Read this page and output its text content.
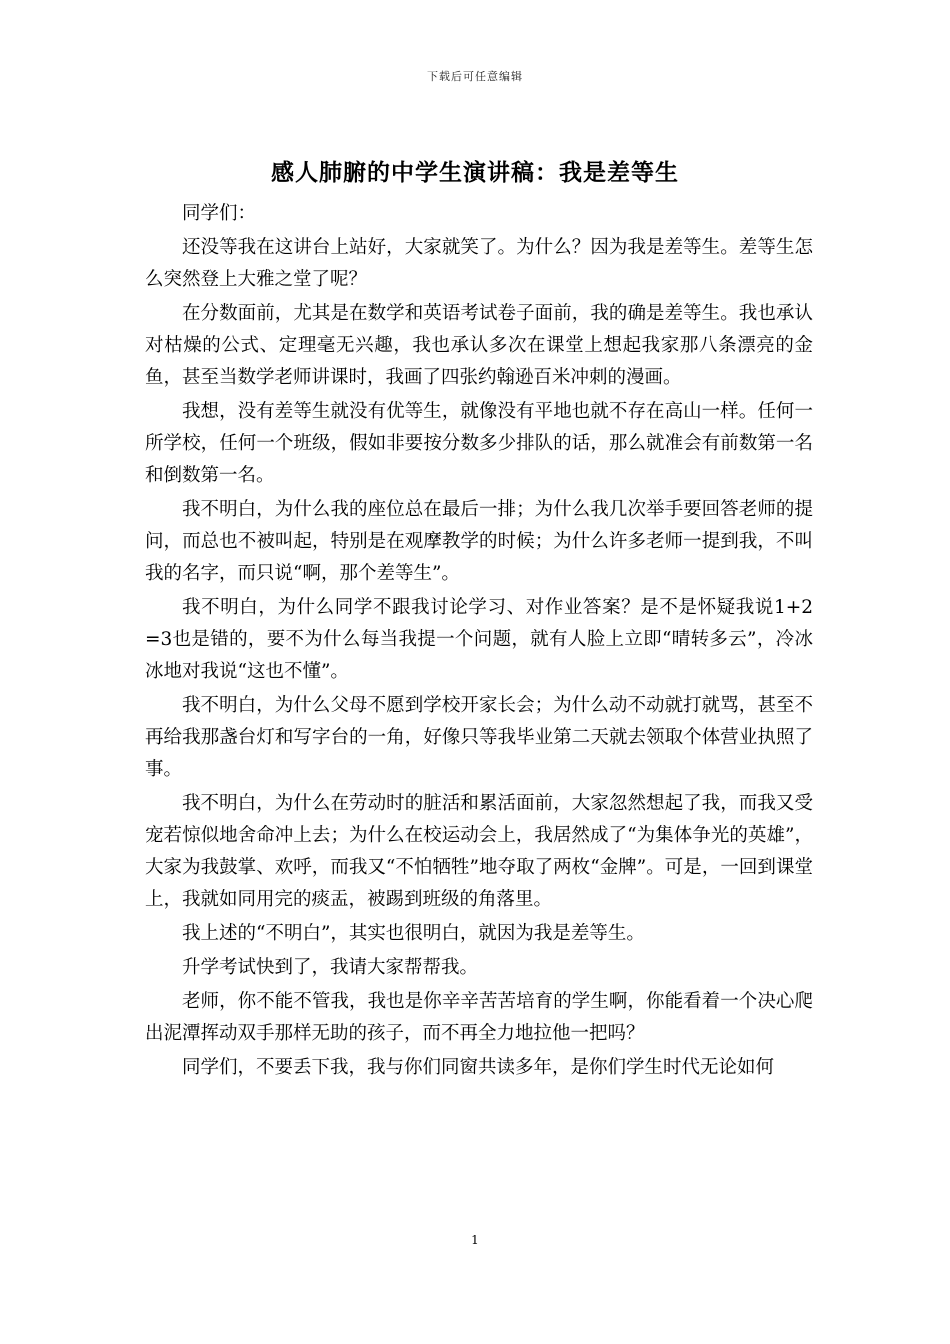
下载后可任意编辑
感人肺腑的中学生演讲稿：我是差等生

同学们：

还没等我在这讲台上站好，大家就笑了。为什么？因为我是差等生。差等生怎么突然登上大雅之堂了呢？

在分数面前，尤其是在数学和英语考试卷子面前，我的确是差等生。我也承认对枯燥的公式、定理毫无兴趣，我也承认多次在课堂上想起我家那八条漂亮的金鱼，甚至当数学老师讲课时，我画了四张约翰逊百米冲刺的漫画。

我想，没有差等生就没有优等生，就像没有平地也就不存在高山一样。任何一所学校，任何一个班级，假如非要按分数多少排队的话，那么就准会有前数第一名和倒数第一名。

我不明白，为什么我的座位总在最后一排；为什么我几次举手要回答老师的提问，而总也不被叫起，特别是在观摩教学的时候；为什么许多老师一提到我，不叫我的名字，而只说“啊，那个差等生”。

我不明白，为什么同学不跟我讨论学习、对作业答案？是不是怀疑我说1+2　=3也是错的，要不为什么每当我提一个问题，就有人脸上立即“晴转多云”，冷冰冰地对我说“这也不懂”。

我不明白，为什么父母不愿到学校开家长会；为什么动不动就打就骂，甚至不再给我那盏台灯和写字台的一角，好像只等我毕业第二天就去领取个体营业执照了事。

我不明白，为什么在劳动时的脏活和累活面前，大家忽然想起了我，而我又受宠若惊似地舍命冲上去；为什么在校运动会上，我居然成了“为集体争光的英雄”，大家为我鼓掌、欢呼，而我又“不怕牺牲”地夺取了两枚“金牌”。可是，一回到课堂上，我就如同用完的痰盂，被踢到班级的角落里。

我上述的“不明白”，其实也很明白，就因为我是差等生。

升学考试快到了，我请大家帮帮我。

老师，你不能不管我，我也是你辛辛苦苦培育的学生啊，你能看着一个决心爬出泥潭挥动双手那样无助的孩子，而不再全力地拉他一把吗？

同学们，不要丢下我，我与你们同窗共读多年，是你们学生时代无论如何

1
